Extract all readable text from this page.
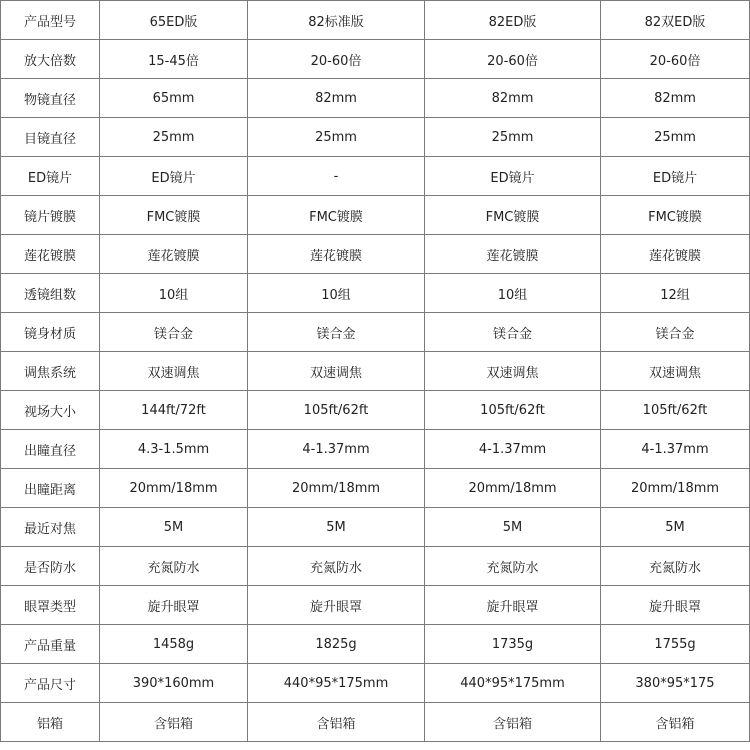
产品型号	65ED版	82标准版	82ED版	82双ED版
放大倍数	15-45倍	20-60倍	20-60倍	20-60倍
物镜直径	65mm	82mm	82mm	82mm
目镜直径	25mm	25mm	25mm	25mm
ED镜片	ED镜片	-	ED镜片	ED镜片
镜片镀膜	FMC镀膜	FMC镀膜	FMC镀膜	FMC镀膜
莲花镀膜	莲花镀膜	莲花镀膜	莲花镀膜	莲花镀膜
透镜组数	10组	10组	10组	12组
镜身材质	镁合金	镁合金	镁合金	镁合金
调焦系统	双速调焦	双速调焦	双速调焦	双速调焦
视场大小	144ft/72ft	105ft/62ft	105ft/62ft	105ft/62ft
出瞳直径	4.3-1.5mm	4-1.37mm	4-1.37mm	4-1.37mm
出瞳距离	20mm/18mm	20mm/18mm	20mm/18mm	20mm/18mm
最近对焦	5M	5M	5M	5M
是否防水	充氮防水	充氮防水	充氮防水	充氮防水
眼罩类型	旋升眼罩	旋升眼罩	旋升眼罩	旋升眼罩
产品重量	1458g	1825g	1735g	1755g
产品尺寸	390*160mm	440*95*175mm	440*95*175mm	380*95*175
铝箱	含铝箱	含铝箱	含铝箱	含铝箱
